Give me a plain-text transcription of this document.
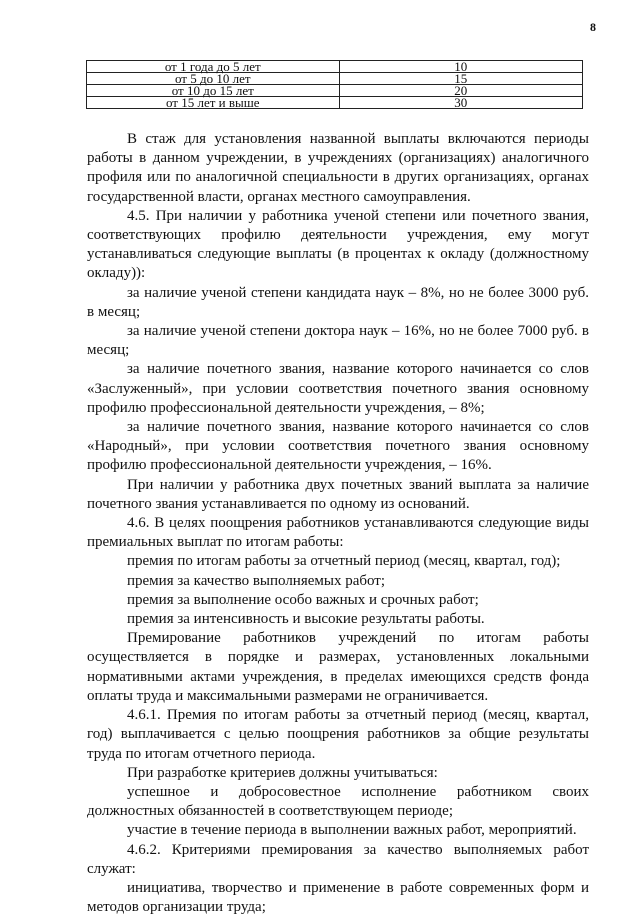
8
от 1 года до 5 лет	10
от 5 до 10 лет	15
от 10 до 15 лет	20
от 15 лет и выше	30

В стаж для установления названной выплаты включаются периоды работы в данном учреждении, в учреждениях (организациях) аналогичного профиля или по аналогичной специальности в других организациях, органах государственной власти, органах местного самоуправления.

4.5. При наличии у работника ученой степени или почетного звания, соответствующих профилю деятельности учреждения, ему могут устанавливаться следующие выплаты (в процентах к окладу (должностному окладу)):

за наличие ученой степени кандидата наук – 8%, но не более 3000 руб. в месяц;

за наличие ученой степени доктора наук – 16%, но не более 7000 руб. в месяц;

за наличие почетного звания, название которого начинается со слов «Заслуженный», при условии соответствия почетного звания основному профилю профессиональной деятельности учреждения, – 8%;

за наличие почетного звания, название которого начинается со слов «Народный», при условии соответствия почетного звания основному профилю профессиональной деятельности учреждения, – 16%.

При наличии у работника двух почетных званий выплата за наличие почетного звания устанавливается по одному из оснований.

4.6. В целях поощрения работников устанавливаются следующие виды премиальных выплат по итогам работы:

премия по итогам работы за отчетный период (месяц, квартал, год);

премия за качество выполняемых работ;

премия за выполнение особо важных и срочных работ;

премия за интенсивность и высокие результаты работы.

Премирование работников учреждений по итогам работы осуществляется в порядке и размерах, установленных локальными нормативными актами учреждения, в пределах имеющихся средств фонда оплаты труда и максимальными размерами не ограничивается.

4.6.1. Премия по итогам работы за отчетный период (месяц, квартал, год) выплачивается с целью поощрения работников за общие результаты труда по итогам отчетного периода.

При разработке критериев должны учитываться:

успешное и добросовестное исполнение работником своих должностных обязанностей в соответствующем периоде;

участие в течение периода в выполнении важных работ, мероприятий.

4.6.2. Критериями премирования за качество выполняемых работ служат:

инициатива, творчество и применение в работе современных форм и методов организации труда;
